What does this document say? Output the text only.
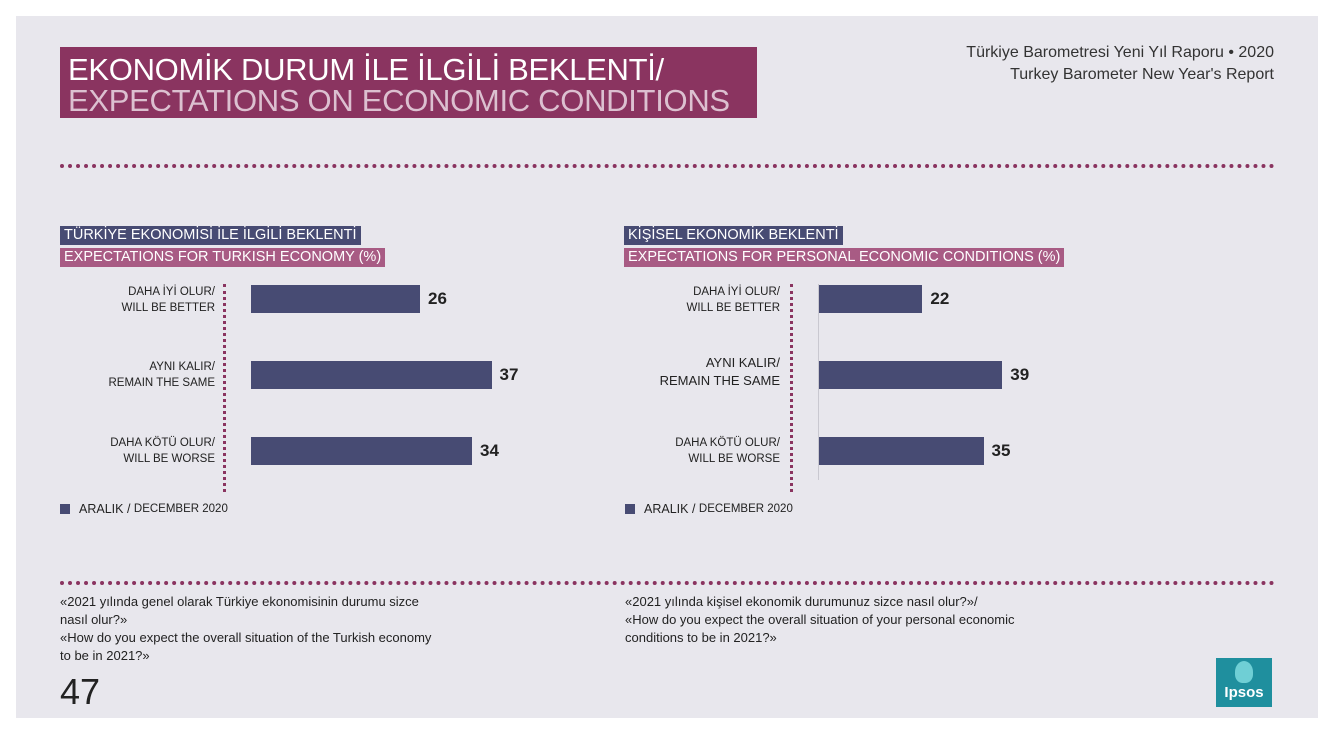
EKONOMİK DURUM İLE İLGİLİ BEKLENTİ/
EXPECTATIONS ON ECONOMIC CONDITIONS
Türkiye Barometresi Yeni Yıl Raporu • 2020
Turkey Barometer New Year's Report
TÜRKİYE EKONOMİSİ İLE İLGİLİ BEKLENTİ
EXPECTATIONS FOR TURKISH ECONOMY (%)
DAHA İYİ OLUR/
WILL BE BETTER
AYNI KALIR/
REMAIN THE SAME
DAHA KÖTÜ OLUR/
WILL BE WORSE
26
37
34
ARALIK / DECEMBER 2020
KİŞİSEL EKONOMİK BEKLENTİ
EXPECTATIONS FOR PERSONAL ECONOMIC CONDITIONS (%)
DAHA İYİ OLUR/
WILL BE BETTER
AYNI KALIR/
REMAIN THE SAME
DAHA KÖTÜ OLUR/
WILL BE WORSE
22
39
35
ARALIK / DECEMBER 2020
«2021 yılında genel olarak Türkiye ekonomisinin durumu sizce
nasıl olur?»
«How do you expect the overall situation of the Turkish economy
to be in 2021?»
«2021 yılında kişisel ekonomik durumunuz sizce nasıl olur?»/
«How do you expect the overall situation of your personal economic
conditions to be in 2021?»
47	Ipsos
